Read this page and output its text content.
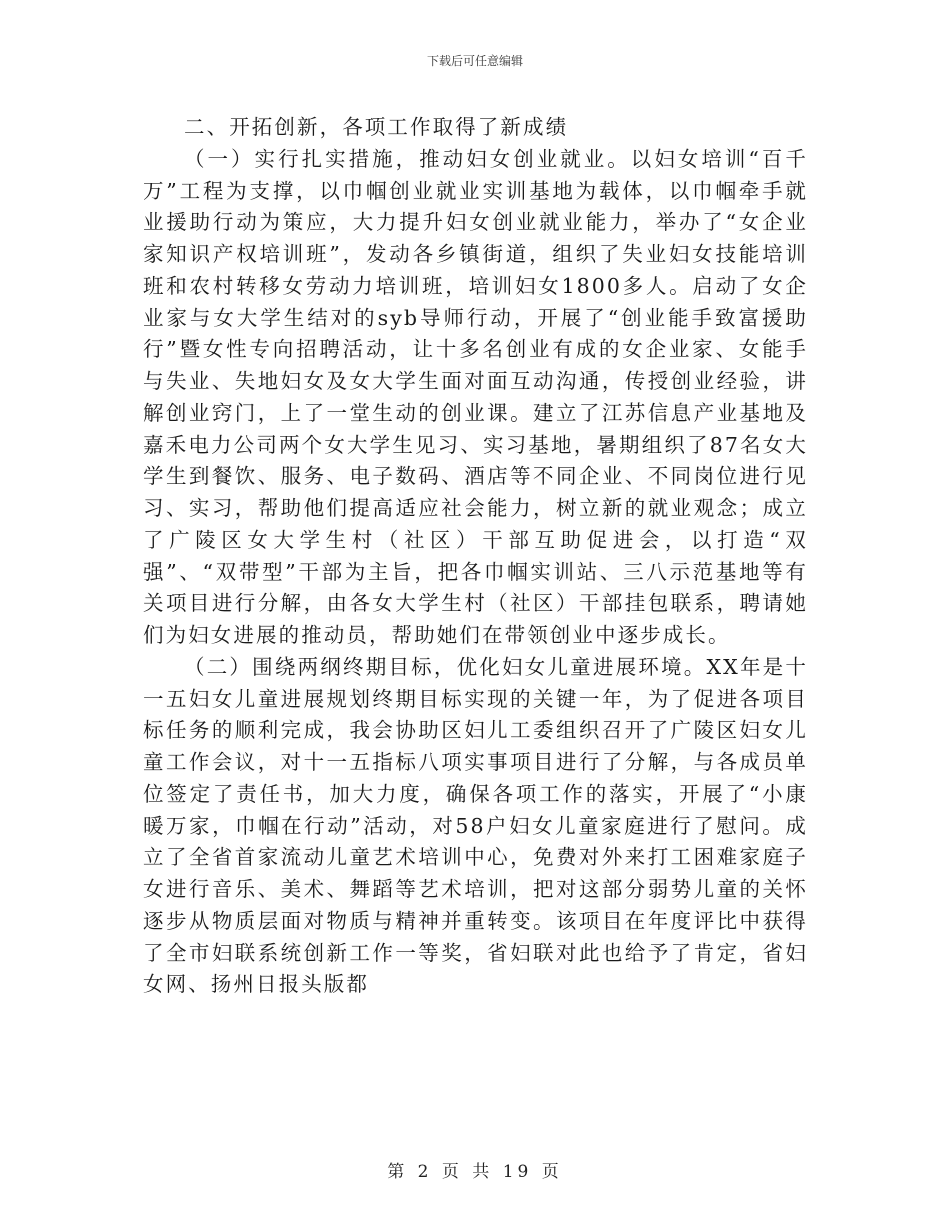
下载后可任意编辑

二、开拓创新，各项工作取得了新成绩

（一）实行扎实措施，推动妇女创业就业。以妇女培训“百千万”工程为支撑，以巾帼创业就业实训基地为载体，以巾帼牵手就业援助行动为策应，大力提升妇女创业就业能力，举办了“女企业家知识产权培训班”，发动各乡镇街道，组织了失业妇女技能培训班和农村转移女劳动力培训班，培训妇女1800多人。启动了女企业家与女大学生结对的syb导师行动，开展了“创业能手致富援助行”暨女性专向招聘活动，让十多名创业有成的女企业家、女能手与失业、失地妇女及女大学生面对面互动沟通，传授创业经验，讲解创业窍门，上了一堂生动的创业课。建立了江苏信息产业基地及嘉禾电力公司两个女大学生见习、实习基地，暑期组织了87名女大学生到餐饮、服务、电子数码、酒店等不同企业、不同岗位进行见习、实习，帮助他们提高适应社会能力，树立新的就业观念；成立了广陵区女大学生村（社区）干部互助促进会，以打造“双强”、“双带型”干部为主旨，把各巾帼实训站、三八示范基地等有关项目进行分解，由各女大学生村（社区）干部挂包联系，聘请她们为妇女进展的推动员，帮助她们在带领创业中逐步成长。

（二）围绕两纲终期目标，优化妇女儿童进展环境。XX年是十一五妇女儿童进展规划终期目标实现的关键一年，为了促进各项目标任务的顺利完成，我会协助区妇儿工委组织召开了广陵区妇女儿童工作会议，对十一五指标八项实事项目进行了分解，与各成员单位签定了责任书，加大力度，确保各项工作的落实，开展了“小康暖万家，巾帼在行动”活动，对58户妇女儿童家庭进行了慰问。成立了全省首家流动儿童艺术培训中心，免费对外来打工困难家庭子女进行音乐、美术、舞蹈等艺术培训，把对这部分弱势儿童的关怀逐步从物质层面对物质与精神并重转变。该项目在年度评比中获得了全市妇联系统创新工作一等奖，省妇联对此也给予了肯定，省妇女网、扬州日报头版都

第 2 页 共 19 页
